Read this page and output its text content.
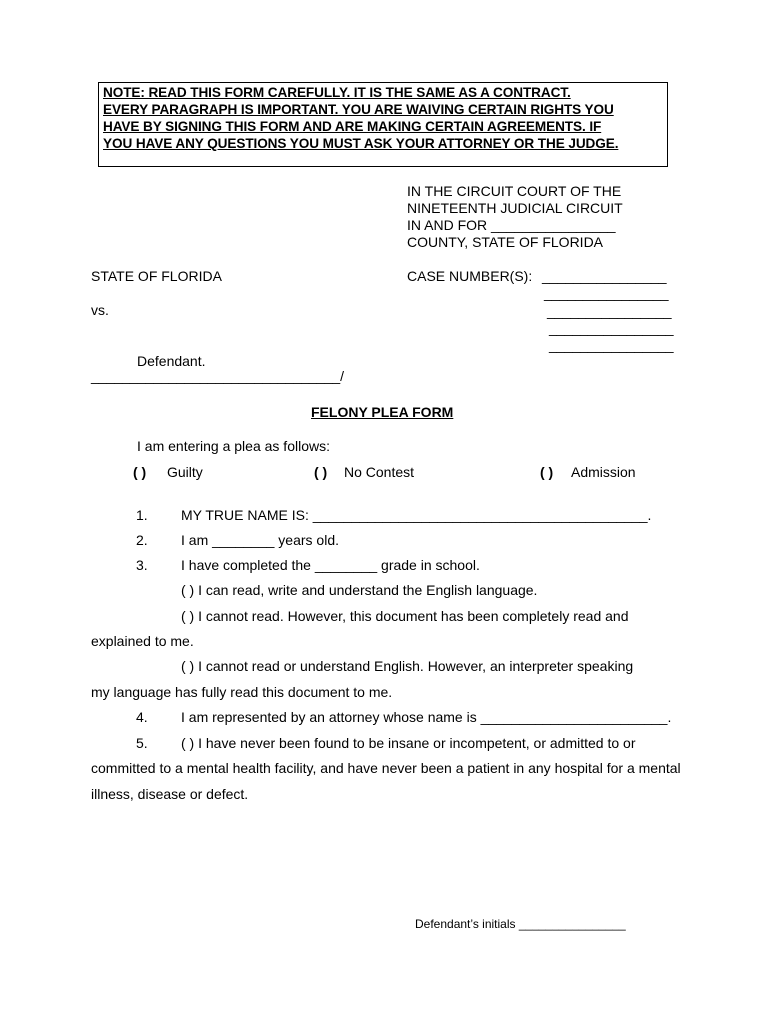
NOTE: READ THIS FORM CAREFULLY. IT IS THE SAME AS A CONTRACT.
EVERY PARAGRAPH IS IMPORTANT. YOU ARE WAIVING CERTAIN RIGHTS YOU
HAVE BY SIGNING THIS FORM AND ARE MAKING CERTAIN AGREEMENTS. IF
YOU HAVE ANY QUESTIONS YOU MUST ASK YOUR ATTORNEY OR THE JUDGE.
IN THE CIRCUIT COURT OF THE
NINETEENTH JUDICIAL CIRCUIT
IN AND FOR ________________
COUNTY, STATE OF FLORIDA
STATE OF FLORIDA	CASE NUMBER(S): ________________
________________
________________
________________
________________
vs.
Defendant.
________________________________/
FELONY PLEA FORM
I am entering a plea as follows:
( ) Guilty	( ) No Contest	( ) Admission
1. MY TRUE NAME IS: ___________________________________________.
2. I am ________ years old.
3. I have completed the ________ grade in school.
( ) I can read, write and understand the English language.
( ) I cannot read. However, this document has been completely read and
explained to me.
( ) I cannot read or understand English. However, an interpreter speaking
my language has fully read this document to me.
4. I am represented by an attorney whose name is ________________________.
5. ( ) I have never been found to be insane or incompetent, or admitted to or
committed to a mental health facility, and have never been a patient in any hospital for a mental
illness, disease or defect.
Defendant’s initials ________________
